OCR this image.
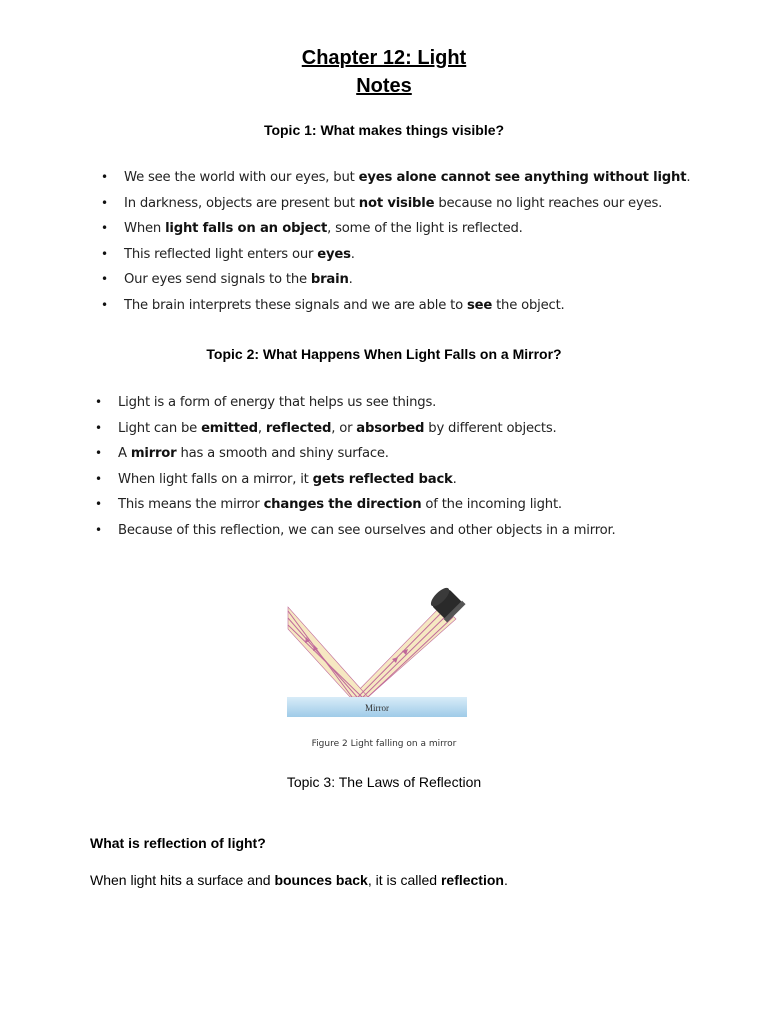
Chapter 12: Light
Notes
Topic 1: What makes things visible?
• We see the world with our eyes, but eyes alone cannot see anything without light.
• In darkness, objects are present but not visible because no light reaches our eyes.
• When light falls on an object, some of the light is reflected.
• This reflected light enters our eyes.
• Our eyes send signals to the brain.
• The brain interprets these signals and we are able to see the object.
Topic 2: What Happens When Light Falls on a Mirror?
• Light is a form of energy that helps us see things.
• Light can be emitted, reflected, or absorbed by different objects.
• A mirror has a smooth and shiny surface.
• When light falls on a mirror, it gets reflected back.
• This means the mirror changes the direction of the incoming light.
• Because of this reflection, we can see ourselves and other objects in a mirror.
Mirror
Figure 2 Light falling on a mirror
Topic 3: The Laws of Reflection
What is reflection of light?
When light hits a surface and bounces back, it is called reflection.
